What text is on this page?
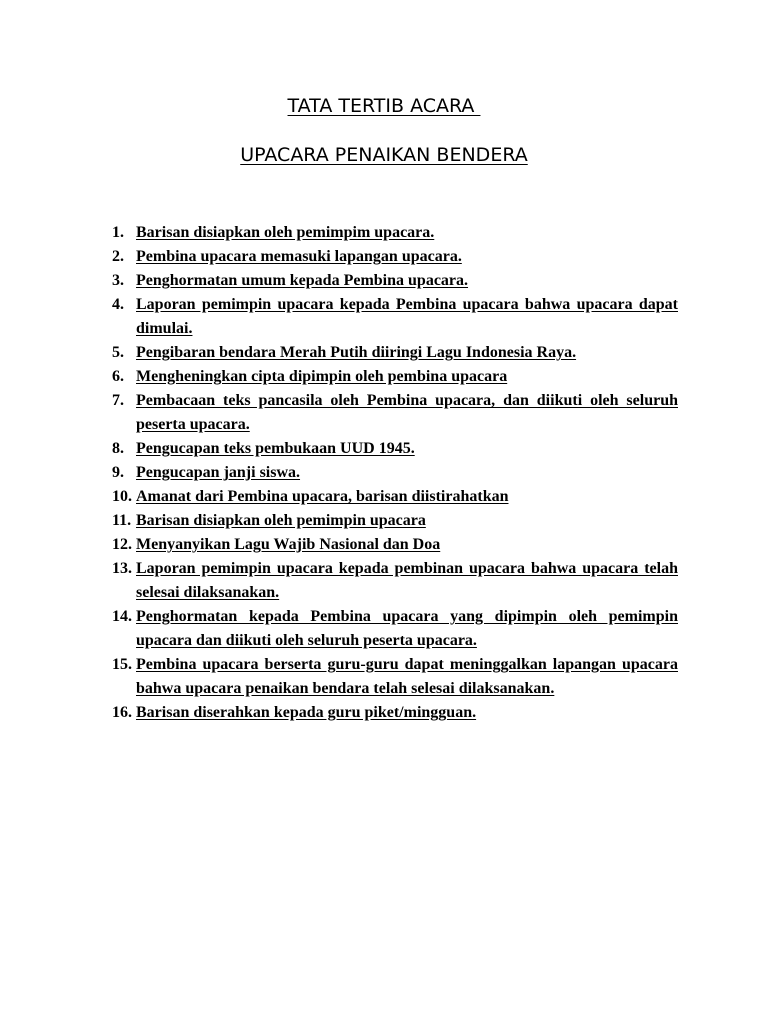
TATA TERTIB ACARA
UPACARA PENAIKAN BENDERA
1. Barisan disiapkan oleh pemimpim upacara.
2. Pembina upacara memasuki lapangan upacara.
3. Penghormatan umum kepada Pembina upacara.
4. Laporan pemimpin upacara kepada Pembina upacara bahwa upacara dapat dimulai.
5. Pengibaran bendara Merah Putih diiringi Lagu Indonesia Raya.
6. Mengheningkan cipta dipimpin oleh pembina upacara
7. Pembacaan teks pancasila oleh Pembina upacara, dan diikuti oleh seluruh peserta upacara.
8. Pengucapan teks pembukaan UUD 1945.
9. Pengucapan janji siswa.
10. Amanat dari Pembina upacara, barisan diistirahatkan
11. Barisan disiapkan oleh pemimpin upacara
12. Menyanyikan Lagu Wajib Nasional dan Doa
13. Laporan pemimpin upacara kepada pembinan upacara bahwa upacara telah selesai dilaksanakan.
14. Penghormatan kepada Pembina upacara yang dipimpin oleh pemimpin upacara dan diikuti oleh seluruh peserta upacara.
15. Pembina upacara berserta guru-guru dapat meninggalkan lapangan upacara bahwa upacara penaikan bendara telah selesai dilaksanakan.
16. Barisan diserahkan kepada guru piket/mingguan.
